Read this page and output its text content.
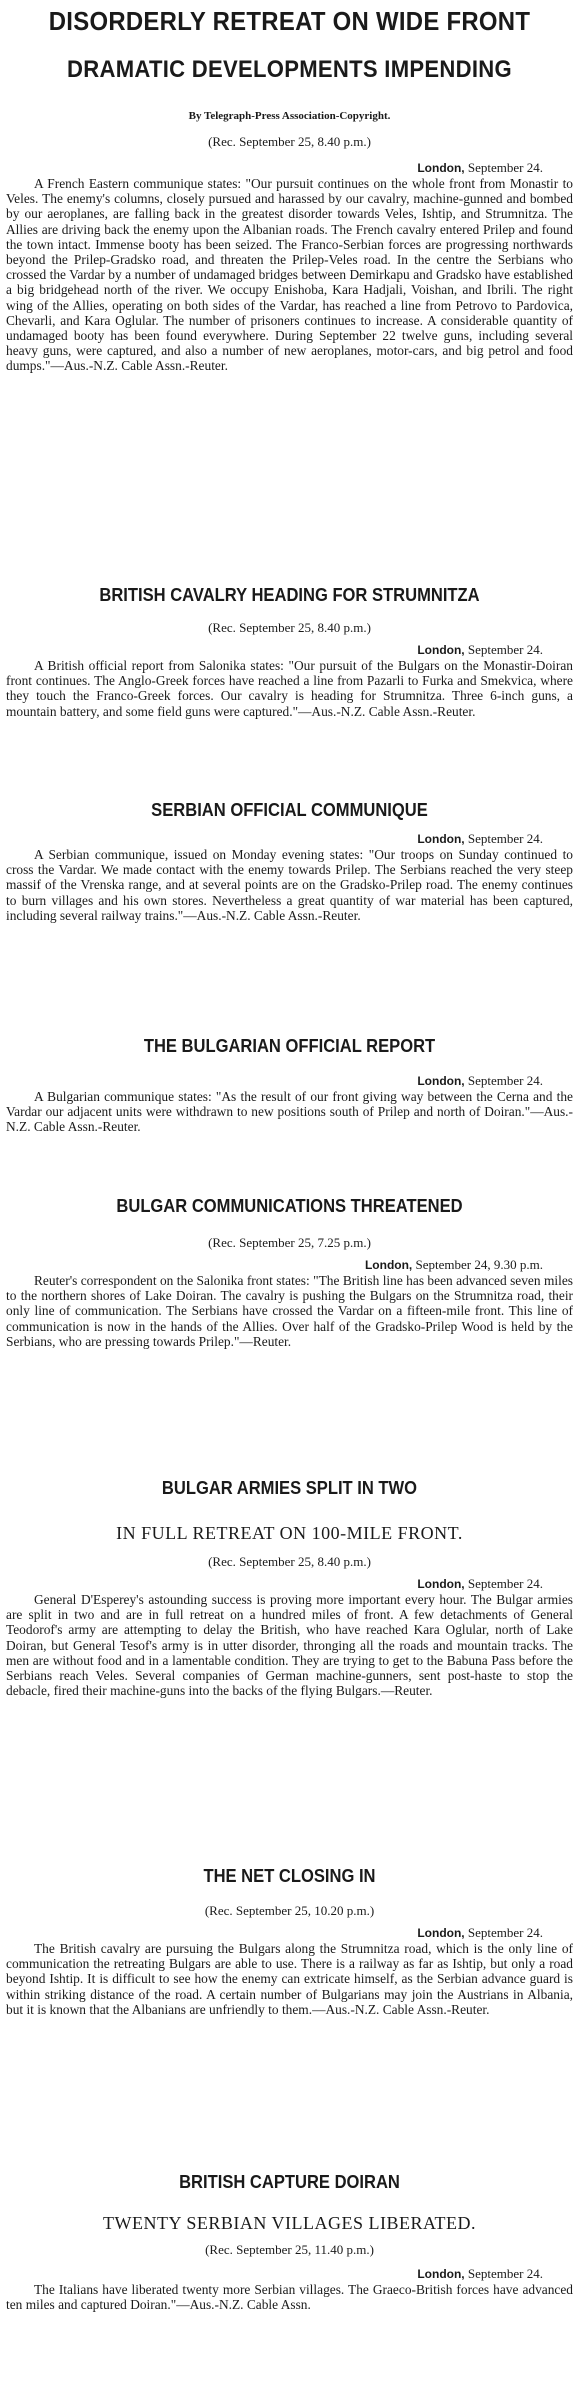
DISORDERLY RETREAT ON WIDE FRONT
DRAMATIC DEVELOPMENTS IMPENDING

By Telegraph-Press Association-Copyright.

(Rec. September 25, 8.40 p.m.)

London, September 24.

A French Eastern communique states: "Our pursuit continues on the whole front from Monastir to Veles. The enemy's columns, closely pursued and harassed by our cavalry, machine-gunned and bombed by our aeroplanes, are falling back in the greatest disorder towards Veles, Ishtip, and Strumnitza. The Allies are driving back the enemy upon the Albanian roads. The French cavalry entered Prilep and found the town intact. Immense booty has been seized. The Franco-Serbian forces are progressing northwards beyond the Prilep-Gradsko road, and threaten the Prilep-Veles road. In the centre the Serbians who crossed the Vardar by a number of undamaged bridges between Demirkapu and Gradsko have established a big bridgehead north of the river. We occupy Enishoba, Kara Hadjali, Voishan, and Ibrili. The right wing of the Allies, operating on both sides of the Vardar, has reached a line from Petrovo to Pardovica, Chevarli, and Kara Oglular. The number of prisoners continues to increase. A considerable quantity of undamaged booty has been found everywhere. During September 22 twelve guns, including several heavy guns, were captured, and also a number of new aeroplanes, motor-cars, and big petrol and food dumps."—Aus.-N.Z. Cable Assn.-Reuter.

BRITISH CAVALRY HEADING FOR STRUMNITZA

(Rec. September 25, 8.40 p.m.)

London, September 24.

A British official report from Salonika states: "Our pursuit of the Bulgars on the Monastir-Doiran front continues. The Anglo-Greek forces have reached a line from Pazarli to Furka and Smekvica, where they touch the Franco-Greek forces. Our cavalry is heading for Strumnitza. Three 6-inch guns, a mountain battery, and some field guns were captured."—Aus.-N.Z. Cable Assn.-Reuter.

SERBIAN OFFICIAL COMMUNIQUE

London, September 24.

A Serbian communique, issued on Monday evening states: "Our troops on Sunday continued to cross the Vardar. We made contact with the enemy towards Prilep. The Serbians reached the very steep massif of the Vrenska range, and at several points are on the Gradsko-Prilep road. The enemy continues to burn villages and his own stores. Nevertheless a great quantity of war material has been captured, including several railway trains."—Aus.-N.Z. Cable Assn.-Reuter.

THE BULGARIAN OFFICIAL REPORT

London, September 24.

A Bulgarian communique states: "As the result of our front giving way between the Cerna and the Vardar our adjacent units were withdrawn to new positions south of Prilep and north of Doiran."—Aus.-N.Z. Cable Assn.-Reuter.

BULGAR COMMUNICATIONS THREATENED

(Rec. September 25, 7.25 p.m.)

London, September 24, 9.30 p.m.

Reuter's correspondent on the Salonika front states: "The British line has been advanced seven miles to the northern shores of Lake Doiran. The cavalry is pushing the Bulgars on the Strumnitza road, their only line of communication. The Serbians have crossed the Vardar on a fifteen-mile front. This line of communication is now in the hands of the Allies. Over half of the Gradsko-Prilep Wood is held by the Serbians, who are pressing towards Prilep."—Reuter.

BULGAR ARMIES SPLIT IN TWO
IN FULL RETREAT ON 100-MILE FRONT.

(Rec. September 25, 8.40 p.m.)

London, September 24.

General D'Esperey's astounding success is proving more important every hour. The Bulgar armies are split in two and are in full retreat on a hundred miles of front. A few detachments of General Teodorof's army are attempting to delay the British, who have reached Kara Oglular, north of Lake Doiran, but General Tesof's army is in utter disorder, thronging all the roads and mountain tracks. The men are without food and in a lamentable condition. They are trying to get to the Babuna Pass before the Serbians reach Veles. Several companies of German machine-gunners, sent post-haste to stop the debacle, fired their machine-guns into the backs of the flying Bulgars.—Reuter.

THE NET CLOSING IN

(Rec. September 25, 10.20 p.m.)

London, September 24.

The British cavalry are pursuing the Bulgars along the Strumnitza road, which is the only line of communication the retreating Bulgars are able to use. There is a railway as far as Ishtip, but only a road beyond Ishtip. It is difficult to see how the enemy can extricate himself, as the Serbian advance guard is within striking distance of the road. A certain number of Bulgarians may join the Austrians in Albania, but it is known that the Albanians are unfriendly to them.—Aus.-N.Z. Cable Assn.-Reuter.

BRITISH CAPTURE DOIRAN
TWENTY SERBIAN VILLAGES LIBERATED.

(Rec. September 25, 11.40 p.m.)

London, September 24.

The Italians have liberated twenty more Serbian villages. The Graeco-British forces have advanced ten miles and captured Doiran."—Aus.-N.Z. Cable Assn.
